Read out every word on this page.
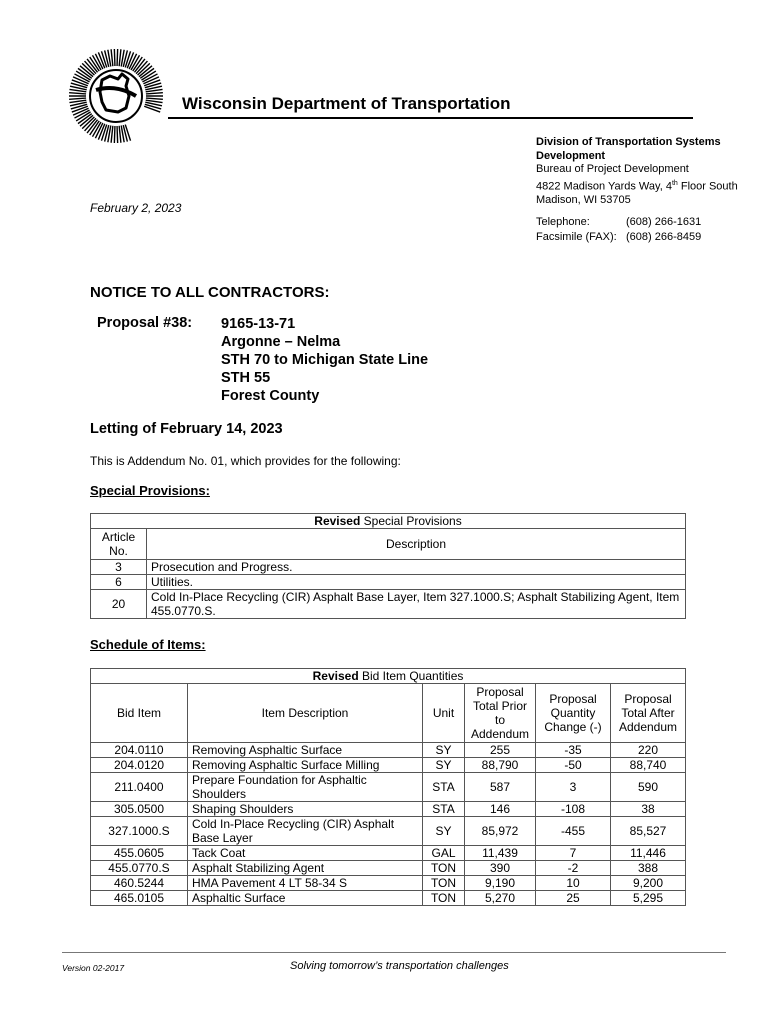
Wisconsin Department of Transportation
Division of Transportation Systems
Development
Bureau of Project Development
4822 Madison Yards Way, 4th Floor South
Madison, WI 53705
Telephone:	(608) 266-1631
Facsimile (FAX): (608) 266-8459
February 2, 2023
NOTICE TO ALL CONTRACTORS:
Proposal #38: 9165-13-71
Argonne – Nelma
STH 70 to Michigan State Line
STH 55
Forest County
Letting of February 14, 2023
This is Addendum No. 01, which provides for the following:
Special Provisions:
Revised Special Provisions	
Article No.	Description
3	Prosecution and Progress.
6	Utilities.
20	Cold In-Place Recycling (CIR) Asphalt Base Layer, Item 327.1000.S; Asphalt Stabilizing Agent, Item 455.0770.S.
Schedule of Items:
Revised Bid Item Quantities					
Bid Item	Item Description	Unit	Proposal Total Prior to Addendum	Proposal Quantity Change (-)	Proposal Total After Addendum
204.0110	Removing Asphaltic Surface	SY	255	-35	220
204.0120	Removing Asphaltic Surface Milling	SY	88,790	-50	88,740
211.0400	Prepare Foundation for Asphaltic Shoulders	STA	587	3	590
305.0500	Shaping Shoulders	STA	146	-108	38
327.1000.S	Cold In-Place Recycling (CIR) Asphalt Base Layer	SY	85,972	-455	85,527
455.0605	Tack Coat	GAL	11,439	7	11,446
455.0770.S	Asphalt Stabilizing Agent	TON	390	-2	388
460.5244	HMA Pavement 4 LT 58-34 S	TON	9,190	10	9,200
465.0105	Asphaltic Surface	TON	5,270	25	5,295
Version 02-2017	Solving tomorrow’s transportation challenges
